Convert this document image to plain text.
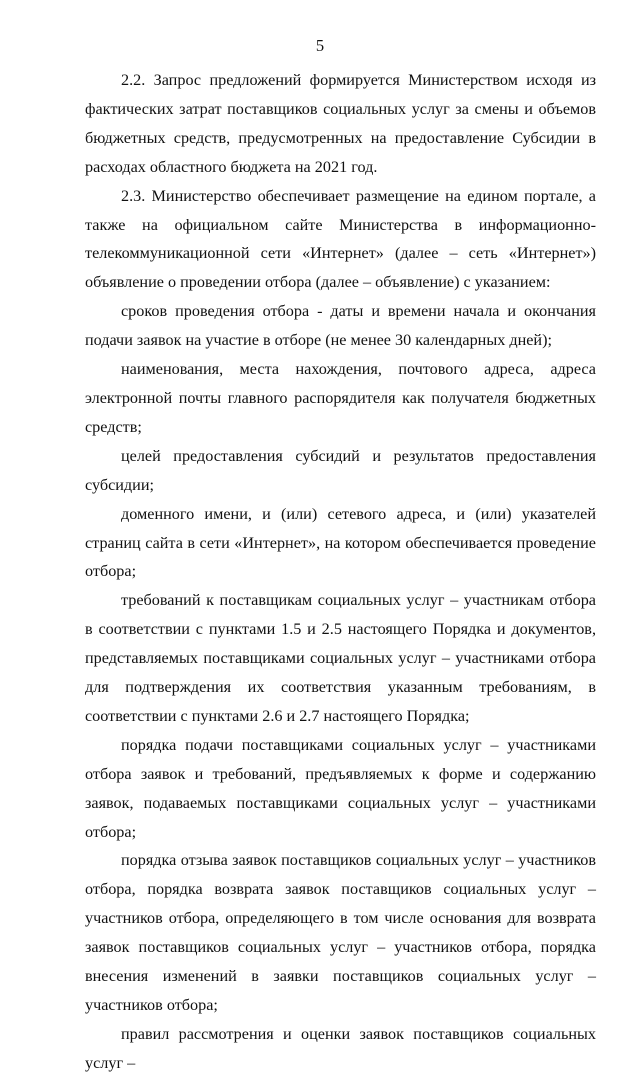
5

2.2. Запрос предложений формируется Министерством исходя из фактических затрат поставщиков социальных услуг за смены и объемов бюджетных средств, предусмотренных на предоставление Субсидии в расходах областного бюджета на 2021 год.

2.3. Министерство обеспечивает размещение на едином портале, а также на официальном сайте Министерства в информационно-телекоммуникационной сети «Интернет» (далее – сеть «Интернет») объявление о проведении отбора (далее – объявление) с указанием:

сроков проведения отбора - даты и времени начала и окончания подачи заявок на участие в отборе (не менее 30 календарных дней);

наименования, места нахождения, почтового адреса, адреса электронной почты главного распорядителя как получателя бюджетных средств;

целей предоставления субсидий и результатов предоставления субсидии;

доменного имени, и (или) сетевого адреса, и (или) указателей страниц сайта в сети «Интернет», на котором обеспечивается проведение отбора;

требований к поставщикам социальных услуг – участникам отбора в соответствии с пунктами 1.5 и 2.5 настоящего Порядка и документов, представляемых поставщиками социальных услуг – участниками отбора для подтверждения их соответствия указанным требованиям, в соответствии с пунктами 2.6 и 2.7 настоящего Порядка;

порядка подачи поставщиками социальных услуг – участниками отбора заявок и требований, предъявляемых к форме и содержанию заявок, подаваемых поставщиками социальных услуг – участниками отбора;

порядка отзыва заявок поставщиков социальных услуг – участников отбора, порядка возврата заявок поставщиков социальных услуг – участников отбора, определяющего в том числе основания для возврата заявок поставщиков социальных услуг – участников отбора, порядка внесения изменений в заявки поставщиков социальных услуг – участников отбора;

правил рассмотрения и оценки заявок поставщиков социальных услуг –
